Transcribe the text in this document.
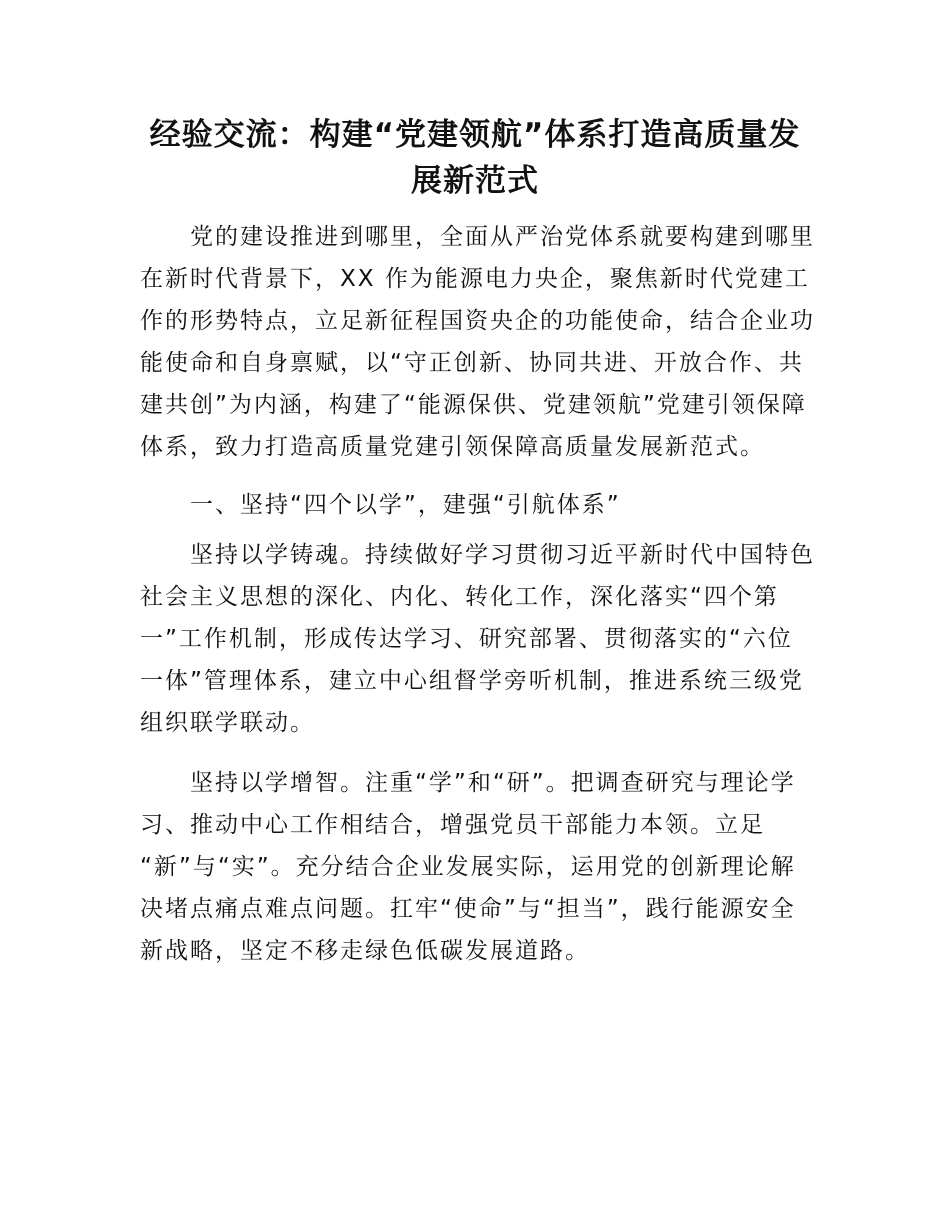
经验交流：构建“党建领航”体系打造高质量发
展新范式

　　党的建设推进到哪里，全面从严治党体系就要构建到哪里
在新时代背景下，XX 作为能源电力央企，聚焦新时代党建工
作的形势特点，立足新征程国资央企的功能使命，结合企业功
能使命和自身禀赋，以“守正创新、协同共进、开放合作、共
建共创”为内涵，构建了“能源保供、党建领航”党建引领保障
体系，致力打造高质量党建引领保障高质量发展新范式。

　　一、坚持“四个以学”，建强“引航体系”

　　坚持以学铸魂。持续做好学习贯彻习近平新时代中国特色
社会主义思想的深化、内化、转化工作，深化落实“四个第
一”工作机制，形成传达学习、研究部署、贯彻落实的“六位
一体”管理体系，建立中心组督学旁听机制，推进系统三级党
组织联学联动。

　　坚持以学增智。注重“学”和“研”。把调查研究与理论学
习、推动中心工作相结合，增强党员干部能力本领。立足
“新”与“实”。充分结合企业发展实际，运用党的创新理论解
决堵点痛点难点问题。扛牢“使命”与“担当”，践行能源安全
新战略，坚定不移走绿色低碳发展道路。
